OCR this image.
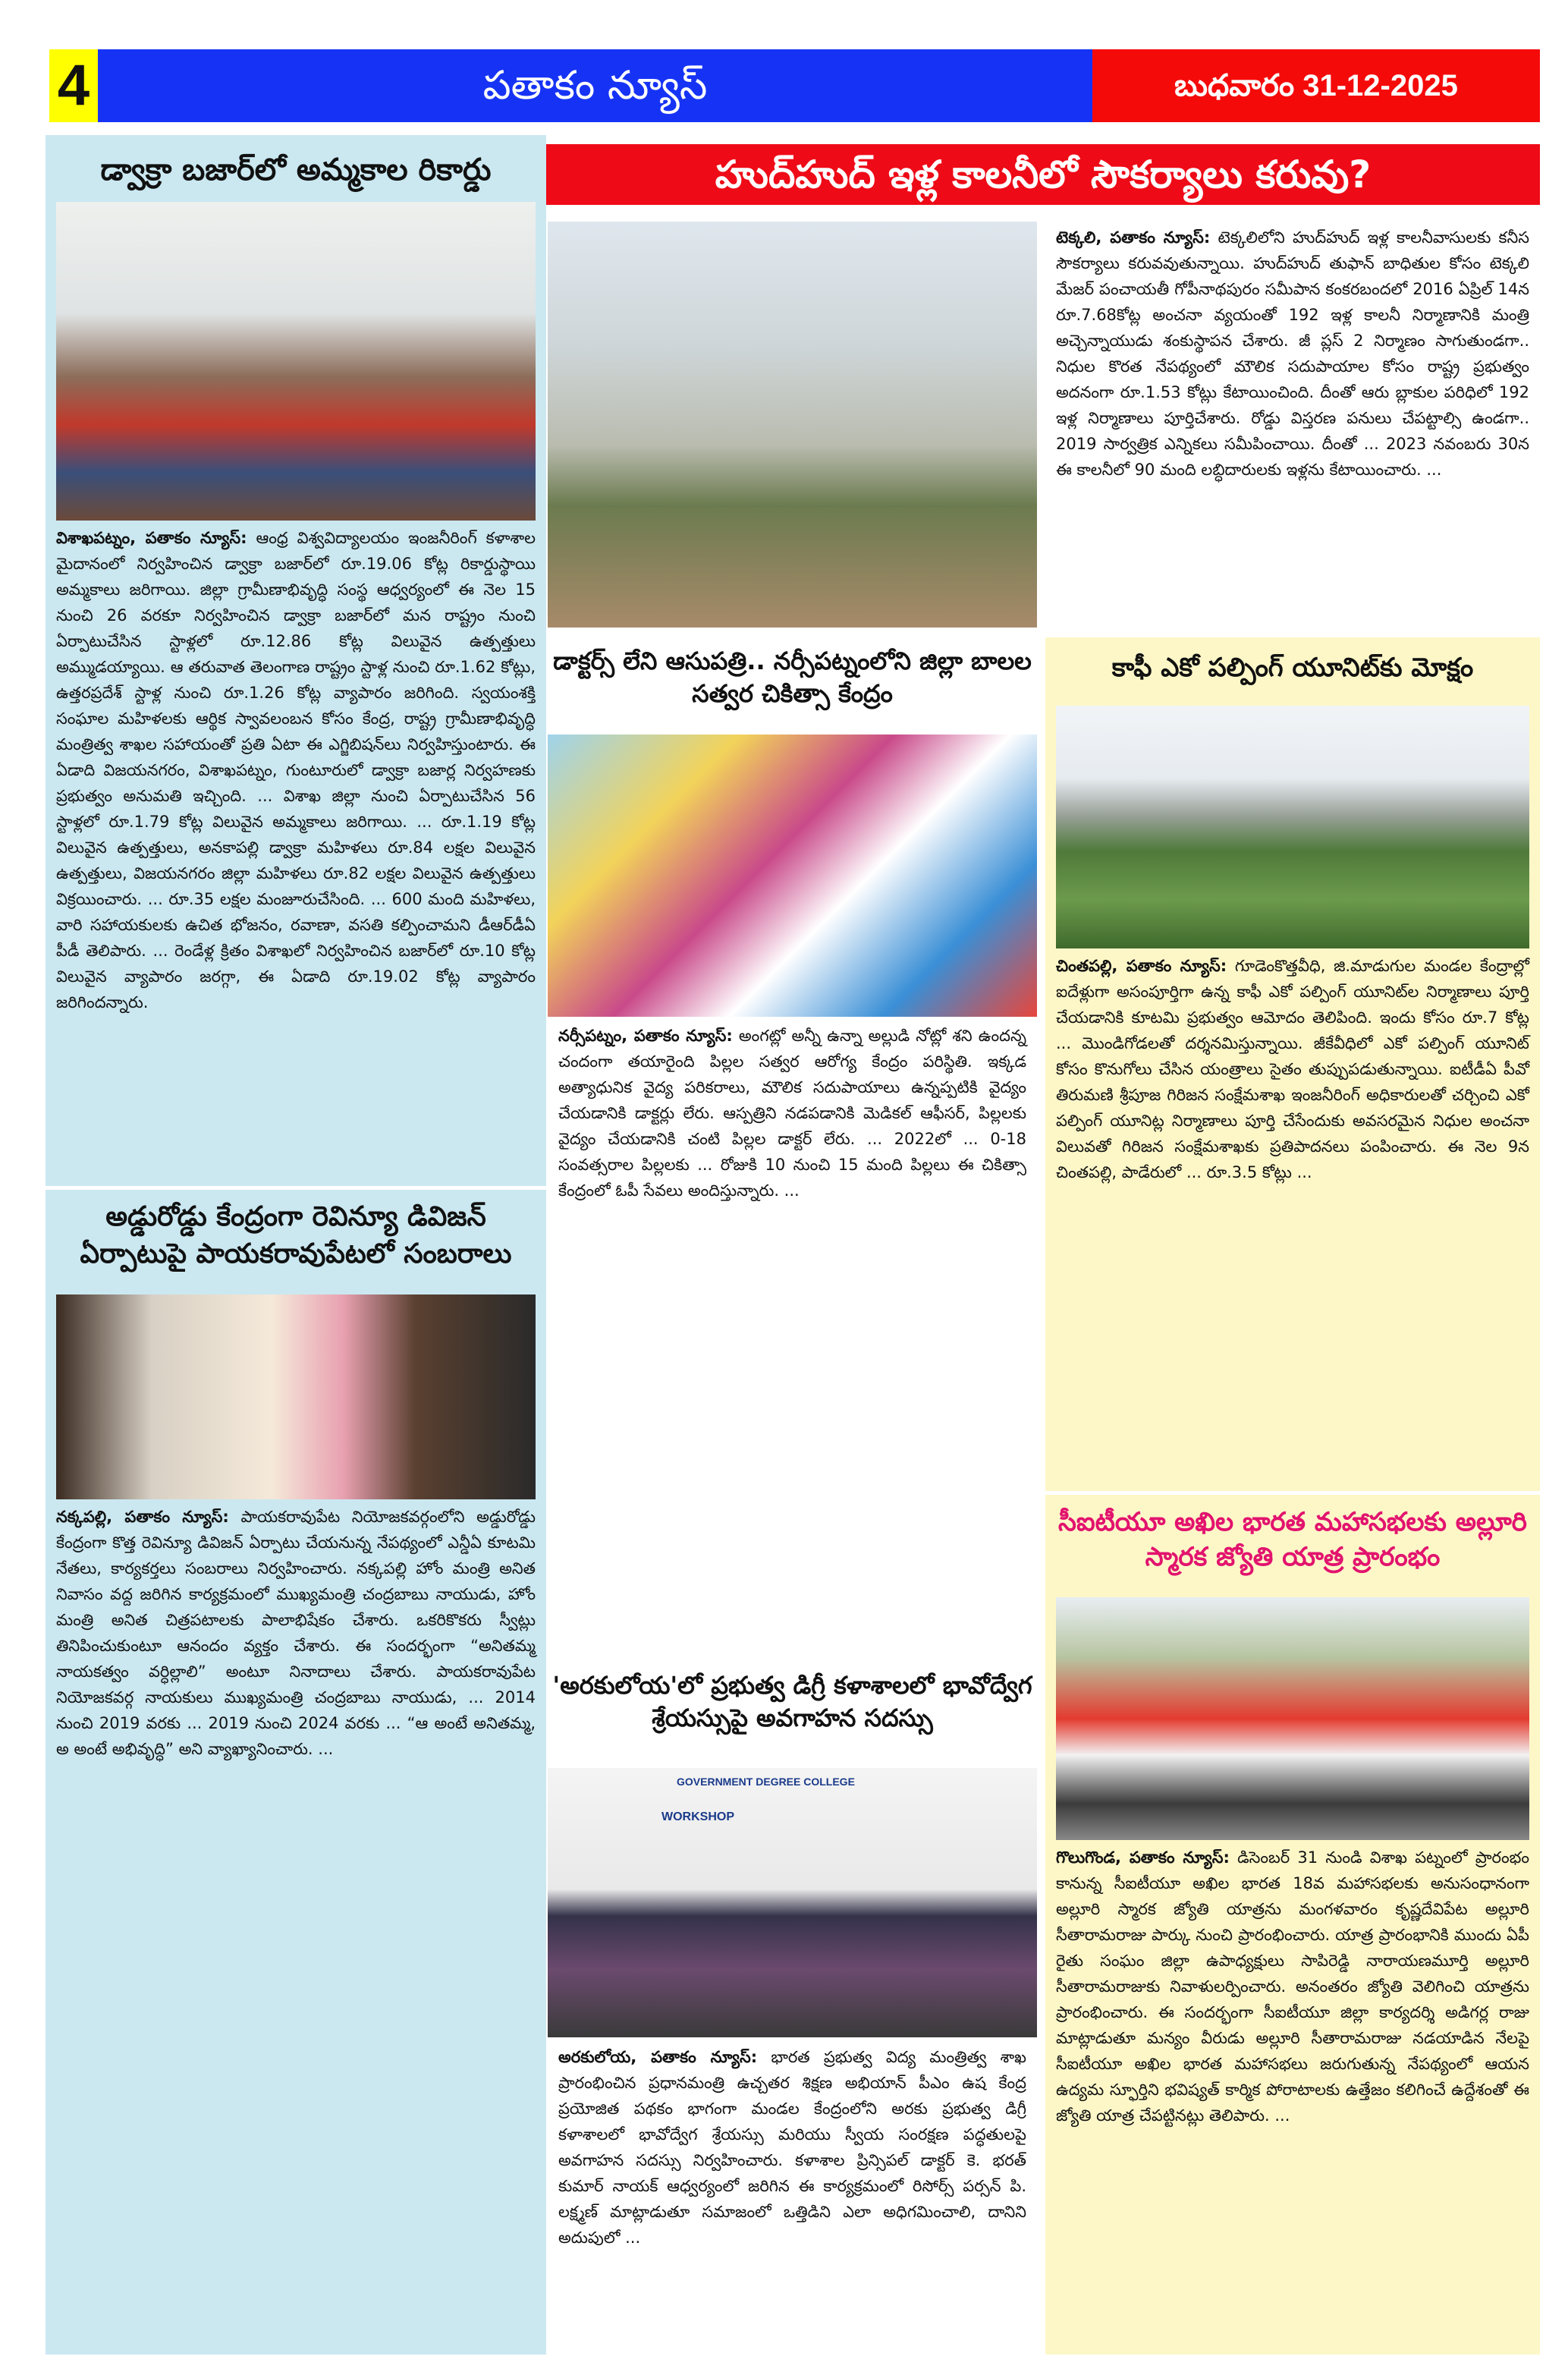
4	పతాకం న్యూస్	బుధవారం 31-12-2025
డ్వాక్రా బజార్‌లో అమ్మకాల రికార్డు
విశాఖపట్నం, పతాకం న్యూస్: ఆంధ్ర విశ్వవిద్యాలయం ఇంజనీరింగ్ కళాశాల మైదానంలో నిర్వహించిన డ్వాక్రా బజార్‌లో రూ.19.06 కోట్ల రికార్డుస్థాయి అమ్మకాలు జరిగాయి. జిల్లా గ్రామీణాభివృద్ధి సంస్థ ఆధ్వర్యంలో ఈ నెల 15 నుంచి 26 వరకూ నిర్వహించిన డ్వాక్రా బజార్‌లో మన రాష్ట్రం నుంచి ఏర్పాటుచేసిన స్టాళ్లలో రూ.12.86 కోట్ల విలువైన ఉత్పత్తులు అమ్ముడయ్యాయి. ఆ తరువాత తెలంగాణ రాష్ట్రం స్టాళ్ల నుంచి రూ.1.62 కోట్లు, ఉత్తరప్రదేశ్ స్టాళ్ల నుంచి రూ.1.26 కోట్ల వ్యాపారం జరిగింది. స్వయంశక్తి సంఘాల మహిళలకు ఆర్థిక స్వావలంబన కోసం కేంద్ర, రాష్ట్ర గ్రామీణాభివృద్ధి మంత్రిత్వ శాఖల సహాయంతో ప్రతి ఏటా ఈ ఎగ్జిబిషన్‌లు నిర్వహిస్తుంటారు. ఈ ఏడాది విజయనగరం, విశాఖపట్నం, గుంటూరులో డ్వాక్రా బజార్ల నిర్వహణకు ప్రభుత్వం అనుమతి ఇచ్చింది. ... విశాఖ జిల్లా నుంచి ఏర్పాటుచేసిన 56 స్టాళ్లలో రూ.1.79 కోట్ల విలువైన అమ్మకాలు జరిగాయి. ... రూ.1.19 కోట్ల విలువైన ఉత్పత్తులు, అనకాపల్లి డ్వాక్రా మహిళలు రూ.84 లక్షల విలువైన ఉత్పత్తులు, విజయనగరం జిల్లా మహిళలు రూ.82 లక్షల విలువైన ఉత్పత్తులు విక్రయించారు. ... రూ.35 లక్షల మంజూరుచేసింది. ... 600 మంది మహిళలు, వారి సహాయకులకు ఉచిత భోజనం, రవాణా, వసతి కల్పించామని డీఆర్‌డీఏ పీడీ తెలిపారు. ... రెండేళ్ల క్రితం విశాఖలో నిర్వహించిన బజార్‌లో రూ.10 కోట్ల విలువైన వ్యాపారం జరగ్గా, ఈ ఏడాది రూ.19.02 కోట్ల వ్యాపారం జరిగిందన్నారు.
అడ్డురోడ్డు కేంద్రంగా రెవిన్యూ డివిజన్ ఏర్పాటుపై పాయకరావుపేటలో సంబరాలు
నక్కపల్లి, పతాకం న్యూస్: పాయకరావుపేట నియోజకవర్గంలోని అడ్డురోడ్డు కేంద్రంగా కొత్త రెవిన్యూ డివిజన్ ఏర్పాటు చేయనున్న నేపథ్యంలో ఎన్డీఏ కూటమి నేతలు, కార్యకర్తలు సంబరాలు నిర్వహించారు. నక్కపల్లి హోం మంత్రి అనిత నివాసం వద్ద జరిగిన కార్యక్రమంలో ముఖ్యమంత్రి చంద్రబాబు నాయుడు, హోం మంత్రి అనిత చిత్రపటాలకు పాలాభిషేకం చేశారు. ఒకరికొకరు స్వీట్లు తినిపించుకుంటూ ఆనందం వ్యక్తం చేశారు. ఈ సందర్భంగా “అనితమ్మ నాయకత్వం వర్ధిల్లాలి” అంటూ నినాదాలు చేశారు. పాయకరావుపేట నియోజకవర్గ నాయకులు ముఖ్యమంత్రి చంద్రబాబు నాయుడు, ... 2014 నుంచి 2019 వరకు ... 2019 నుంచి 2024 వరకు ... “ఆ అంటే అనితమ్మ, అ అంటే అభివృద్ధి” అని వ్యాఖ్యానించారు. ...
హుద్‌హుద్ ఇళ్ల కాలనీలో సౌకర్యాలు కరువు?
డాక్టర్స్ లేని ఆసుపత్రి.. నర్సీపట్నంలోని జిల్లా బాలల సత్వర చికిత్సా కేంద్రం
నర్సీపట్నం, పతాకం న్యూస్: అంగట్లో అన్నీ ఉన్నా అల్లుడి నోట్లో శని ఉందన్న చందంగా తయారైంది పిల్లల సత్వర ఆరోగ్య కేంద్రం పరిస్థితి. ఇక్కడ అత్యాధునిక వైద్య పరికరాలు, మౌలిక సదుపాయాలు ఉన్నప్పటికి వైద్యం చేయడానికి డాక్టర్లు లేరు. ఆస్పత్రిని నడపడానికి మెడికల్ ఆఫీసర్, పిల్లలకు వైద్యం చేయడానికి చంటి పిల్లల డాక్టర్ లేరు. ... 2022లో ... 0-18 సంవత్సరాల పిల్లలకు ... రోజుకి 10 నుంచి 15 మంది పిల్లలు ఈ చికిత్సా కేంద్రంలో ఓపీ సేవలు అందిస్తున్నారు. ...
'అరకులోయ'లో ప్రభుత్వ డిగ్రీ కళాశాలలో భావోద్వేగ శ్రేయస్సుపై అవగాహన సదస్సు
GOVERNMENT DEGREE COLLEGE
WORKSHOP
అరకులోయ, పతాకం న్యూస్: భారత ప్రభుత్వ విద్య మంత్రిత్వ శాఖ ప్రారంభించిన ప్రధానమంత్రి ఉచ్చతర శిక్షణ అభియాన్ పీఎం ఉష కేంద్ర ప్రయోజిత పథకం భాగంగా మండల కేంద్రంలోని అరకు ప్రభుత్వ డిగ్రీ కళాశాలలో భావోద్వేగ శ్రేయస్సు మరియు స్వీయ సంరక్షణ పద్ధతులపై అవగాహన సదస్సు నిర్వహించారు. కళాశాల ప్రిన్సిపల్ డాక్టర్ కె. భరత్ కుమార్ నాయక్ ఆధ్వర్యంలో జరిగిన ఈ కార్యక్రమంలో రిసోర్స్ పర్సన్ పి. లక్ష్మణ్ మాట్లాడుతూ సమాజంలో ఒత్తిడిని ఎలా అధిగమించాలి, దానిని అదుపులో ...
టెక్కలి, పతాకం న్యూస్: టెక్కలిలోని హుద్‌హుద్ ఇళ్ల కాలనీవాసులకు కనీస సౌకర్యాలు కరువవుతున్నాయి. హుద్‌హుద్ తుఫాన్ బాధితుల కోసం టెక్కలి మేజర్ పంచాయతీ గోపీనాథపురం సమీపాన కంకరబందలో 2016 ఏప్రిల్ 14న రూ.7.68కోట్ల అంచనా వ్యయంతో 192 ఇళ్ల కాలనీ నిర్మాణానికి మంత్రి అచ్చెన్నాయుడు శంకుస్థాపన చేశారు. జీ ప్లస్ 2 నిర్మాణం సాగుతుండగా.. నిధుల కొరత నేపథ్యంలో మౌలిక సదుపాయాల కోసం రాష్ట్ర ప్రభుత్వం అదనంగా రూ.1.53 కోట్లు కేటాయించింది. దీంతో ఆరు బ్లాకుల పరిధిలో 192 ఇళ్ల నిర్మాణాలు పూర్తిచేశారు. రోడ్డు విస్తరణ పనులు చేపట్టాల్సి ఉండగా.. 2019 సార్వత్రిక ఎన్నికలు సమీపించాయి. దీంతో ... 2023 నవంబరు 30న ఈ కాలనీలో 90 మంది లబ్ధిదారులకు ఇళ్లను కేటాయించారు. ...
కాఫీ ఎకో పల్పింగ్ యూనిట్‌కు మోక్షం
చింతపల్లి, పతాకం న్యూస్: గూడెంకొత్తవీధి, జి.మాడుగుల మండల కేంద్రాల్లో ఐదేళ్లుగా అసంపూర్తిగా ఉన్న కాఫీ ఎకో పల్పింగ్ యూనిట్‌ల నిర్మాణాలు పూర్తి చేయడానికి కూటమి ప్రభుత్వం ఆమోదం తెలిపింది. ఇందు కోసం రూ.7 కోట్ల ... మొండిగోడలతో దర్శనమిస్తున్నాయి. జీకేవీధిలో ఎకో పల్పింగ్ యూనిట్ కోసం కొనుగోలు చేసిన యంత్రాలు సైతం తుప్పుపడుతున్నాయి. ఐటీడీఏ పీవో తిరుమణి శ్రీపూజ గిరిజన సంక్షేమశాఖ ఇంజనీరింగ్ అధికారులతో చర్చించి ఎకో పల్పింగ్ యూనిట్ల నిర్మాణాలు పూర్తి చేసేందుకు అవసరమైన నిధుల అంచనా విలువతో గిరిజన సంక్షేమశాఖకు ప్రతిపాదనలు పంపించారు. ఈ నెల 9న చింతపల్లి, పాడేరులో ... రూ.3.5 కోట్లు ...
సీఐటీయూ అఖిల భారత మహాసభలకు అల్లూరి స్మారక జ్యోతి యాత్ర ప్రారంభం
గొలుగొండ, పతాకం న్యూస్: డిసెంబర్ 31 నుండి విశాఖ పట్నంలో ప్రారంభం కానున్న సీఐటీయూ అఖిల భారత 18వ మహాసభలకు అనుసంధానంగా అల్లూరి స్మారక జ్యోతి యాత్రను మంగళవారం కృష్ణదేవిపేట అల్లూరి సీతారామరాజు పార్కు నుంచి ప్రారంభించారు. యాత్ర ప్రారంభానికి ముందు ఏపీ రైతు సంఘం జిల్లా ఉపాధ్యక్షులు సాపిరెడ్డి నారాయణమూర్తి అల్లూరి సీతారామరాజుకు నివాళులర్పించారు. అనంతరం జ్యోతి వెలిగించి యాత్రను ప్రారంభించారు. ఈ సందర్భంగా సీఐటీయూ జిల్లా కార్యదర్శి అడిగర్ల రాజు మాట్లాడుతూ మన్యం వీరుడు అల్లూరి సీతారామరాజు నడయాడిన నేలపై సీఐటీయూ అఖిల భారత మహాసభలు జరుగుతున్న నేపథ్యంలో ఆయన ఉద్యమ స్ఫూర్తిని భవిష్యత్ కార్మిక పోరాటాలకు ఉత్తేజం కలిగించే ఉద్దేశంతో ఈ జ్యోతి యాత్ర చేపట్టినట్లు తెలిపారు. ...
